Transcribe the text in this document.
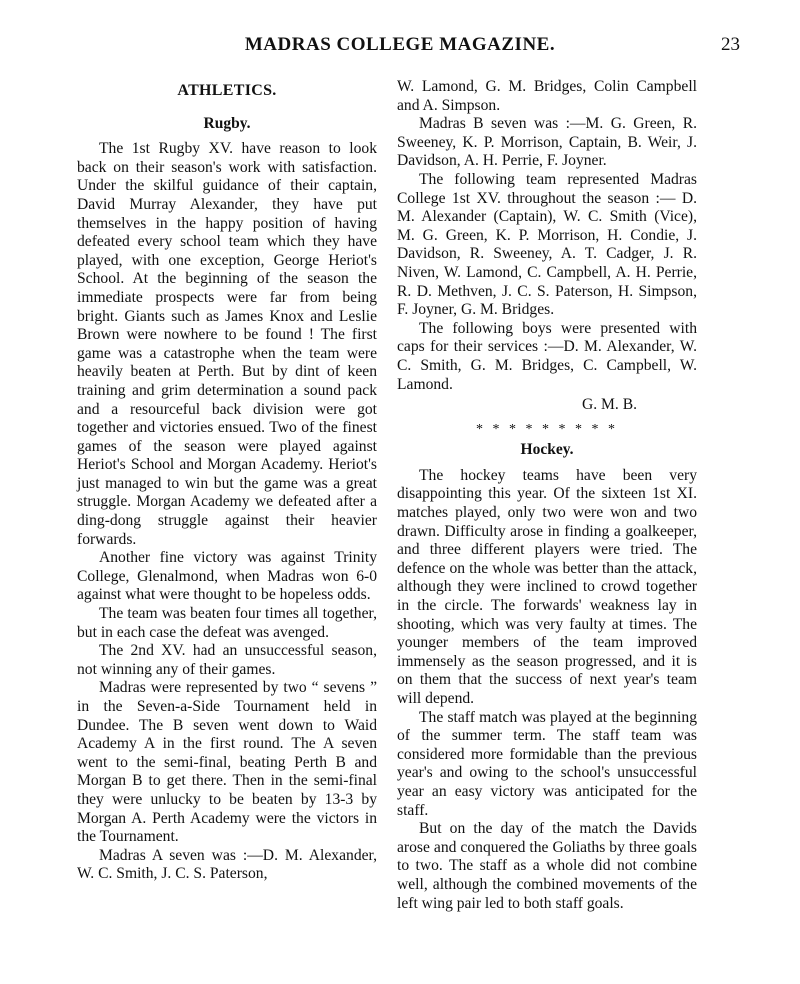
MADRAS COLLEGE MAGAZINE.	23
ATHLETICS.
Rugby.

The 1st Rugby XV. have reason to look back on their season's work with satisfaction. Under the skilful guidance of their captain, David Murray Alexander, they have put themselves in the happy position of having defeated every school team which they have played, with one exception, George Heriot's School. At the beginning of the season the immediate prospects were far from being bright. Giants such as James Knox and Leslie Brown were nowhere to be found ! The first game was a catastrophe when the team were heavily beaten at Perth. But by dint of keen training and grim determination a sound pack and a resourceful back division were got together and victories ensued. Two of the finest games of the season were played against Heriot's School and Morgan Academy. Heriot's just managed to win but the game was a great struggle. Morgan Academy we defeated after a ding-dong struggle against their heavier forwards.

Another fine victory was against Trinity College, Glenalmond, when Madras won 6-0 against what were thought to be hopeless odds.

The team was beaten four times all together, but in each case the defeat was avenged.

The 2nd XV. had an unsuccessful season, not winning any of their games.

Madras were represented by two “ sevens ” in the Seven-a-Side Tournament held in Dundee. The B seven went down to Waid Academy A in the first round. The A seven went to the semi-final, beating Perth B and Morgan B to get there. Then in the semi-final they were unlucky to be beaten by 13-3 by Morgan A. Perth Academy were the victors in the Tournament.

Madras A seven was :—D. M. Alexander, W. C. Smith, J. C. S. Paterson,

W. Lamond, G. M. Bridges, Colin Campbell and A. Simpson.

Madras B seven was :—M. G. Green, R. Sweeney, K. P. Morrison, Captain, B. Weir, J. Davidson, A. H. Perrie, F. Joyner.

The following team represented Madras College 1st XV. throughout the season :— D. M. Alexander (Captain), W. C. Smith (Vice), M. G. Green, K. P. Morrison, H. Condie, J. Davidson, R. Sweeney, A. T. Cadger, J. R. Niven, W. Lamond, C. Campbell, A. H. Perrie, R. D. Methven, J. C. S. Paterson, H. Simpson, F. Joyner, G. M. Bridges.

The following boys were presented with caps for their services :—D. M. Alexander, W. C. Smith, G. M. Bridges, C. Campbell, W. Lamond.

G. M. B.
* * * * * * * * *
Hockey.

The hockey teams have been very disappointing this year. Of the sixteen 1st XI. matches played, only two were won and two drawn. Difficulty arose in finding a goalkeeper, and three different players were tried. The defence on the whole was better than the attack, although they were inclined to crowd together in the circle. The forwards' weakness lay in shooting, which was very faulty at times. The younger members of the team improved immensely as the season progressed, and it is on them that the success of next year's team will depend.

The staff match was played at the beginning of the summer term. The staff team was considered more formidable than the previous year's and owing to the school's unsuccessful year an easy victory was anticipated for the staff.

But on the day of the match the Davids arose and conquered the Goliaths by three goals to two. The staff as a whole did not combine well, although the combined movements of the left wing pair led to both staff goals.
